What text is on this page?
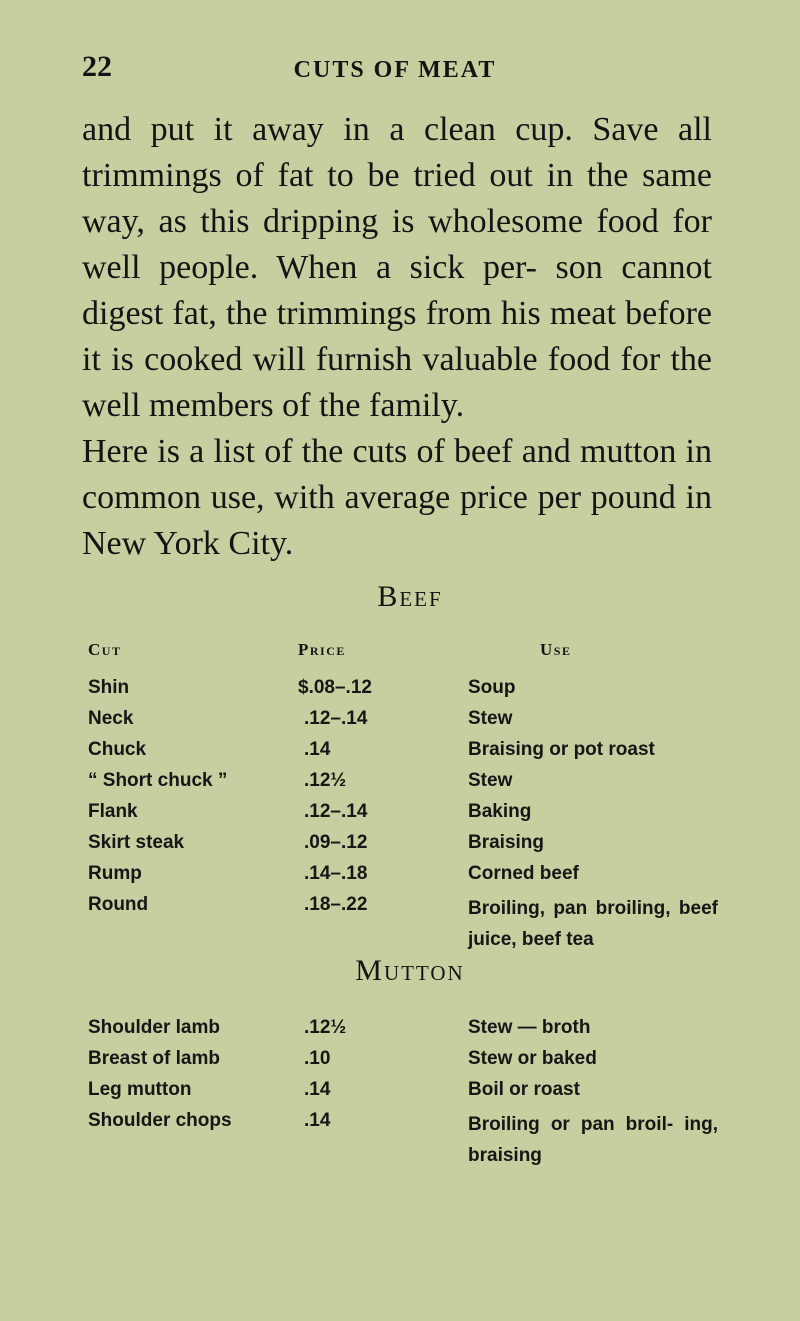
22	CUTS OF MEAT

and put it away in a clean cup. Save all trimmings of fat to be tried out in the same way, as this dripping is wholesome food for well people. When a sick per- son cannot digest fat, the trimmings from his meat before it is cooked will furnish valuable food for the well members of the family.

Here is a list of the cuts of beef and mutton in common use, with average price per pound in New York City.

Beef
Cut	Price	Use
Shin	$.08–.12	Soup
Neck	.12–.14	Stew
Chuck	.14	Braising or pot roast
“ Short chuck ”	.12½	Stew
Flank	.12–.14	Baking
Skirt steak	.09–.12	Braising
Rump	.14–.18	Corned beef
Round	.18–.22	Broiling, pan broiling, beef juice, beef tea
Mutton
Shoulder lamb	.12½	Stew — broth
Breast of lamb	.10	Stew or baked
Leg mutton	.14	Boil or roast
Shoulder chops	.14	Broiling or pan broil- ing, braising
